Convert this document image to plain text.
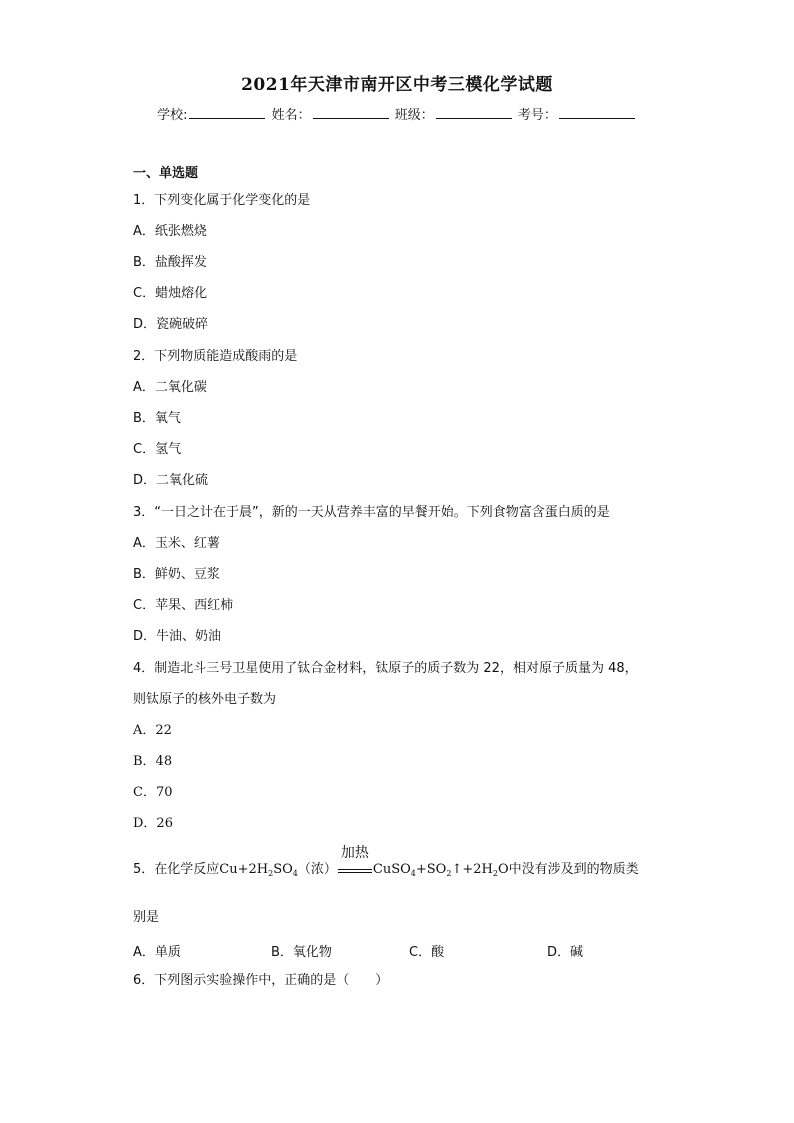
2021年天津市南开区中考三模化学试题
学校:	姓名：	班级：	考号：
一、单选题
1．下列变化属于化学变化的是
A．纸张燃烧
B．盐酸挥发
C．蜡烛熔化
D．瓷碗破碎
2．下列物质能造成酸雨的是
A．二氧化碳
B．氧气
C．氢气
D．二氧化硫
3．“一日之计在于晨”，新的一天从营养丰富的早餐开始。下列食物富含蛋白质的是
A．玉米、红薯
B．鲜奶、豆浆
C．苹果、西红柿
D．牛油、奶油
4．制造北斗三号卫星使用了钛合金材料，钛原子的质子数为 22，相对原子质量为 48，
则钛原子的核外电子数为
A．22
B．48
C．70
D．26
5．在化学反应$Cu+2H_2SO_4$（浓）
加热
$CuSO_4+SO_2↑+2H_2O$中没有涉及到的物质类
别是
A．单质	B．氧化物	C．酸	D．碱
6．下列图示实验操作中，正确的是（　　）
